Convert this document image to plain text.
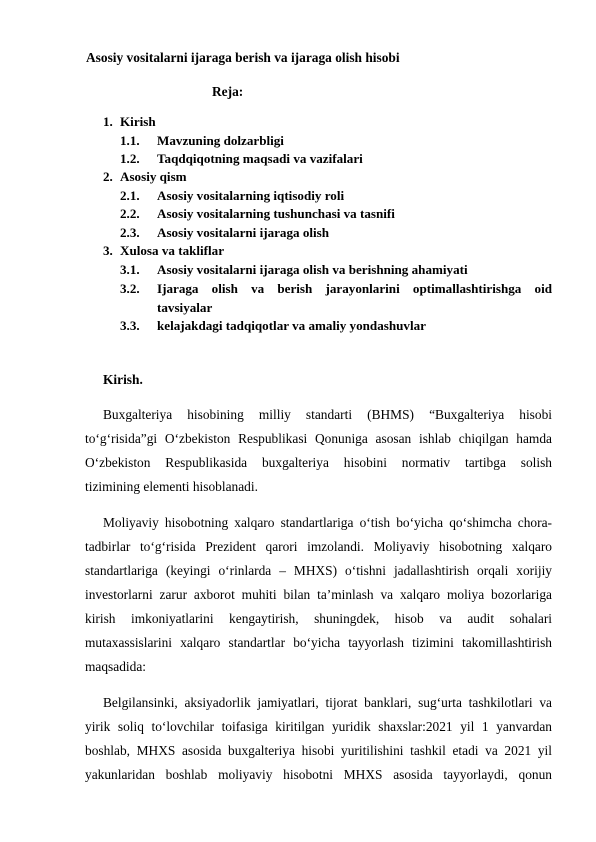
Asosiy vositalarni ijaraga berish va ijaraga olish hisobi
Reja:
1. Kirish
1.1. Mavzuning dolzarbligi
1.2. Taqdqiqotning maqsadi va vazifalari
2. Asosiy qism
2.1. Asosiy vositalarning iqtisodiy roli
2.2. Asosiy vositalarning tushunchasi va tasnifi
2.3. Asosiy vositalarni ijaraga olish
3. Xulosa va takliflar
3.1. Asosiy vositalarni ijaraga olish va berishning ahamiyati
3.2. Ijaraga olish va berish jarayonlarini optimallashtirishga oid
tavsiyalar
3.3. kelajakdagi tadqiqotlar va amaliy yondashuvlar
Kirish.
Buxgalteriya hisobining milliy standarti (BHMS) “Buxgalteriya hisobi
to‘g‘risida”gi O‘zbekiston Respublikasi Qonuniga asosan ishlab chiqilgan hamda
O‘zbekiston Respublikasida buxgalteriya hisobini normativ tartibga solish
tizimining elementi hisoblanadi.
Moliyaviy hisobotning xalqaro standartlariga o‘tish bo‘yicha qo‘shimcha chora-
tadbirlar to‘g‘risida Prezident qarori imzolandi. Moliyaviy hisobotning xalqaro
standartlariga (keyingi o‘rinlarda – MHXS) o‘tishni jadallashtirish orqali xorijiy
investorlarni zarur axborot muhiti bilan ta’minlash va xalqaro moliya bozorlariga
kirish imkoniyatlarini kengaytirish, shuningdek, hisob va audit sohalari
mutaxassislarini xalqaro standartlar bo‘yicha tayyorlash tizimini takomillashtirish
maqsadida:
Belgilansinki, aksiyadorlik jamiyatlari, tijorat banklari, sug‘urta tashkilotlari va
yirik soliq to‘lovchilar toifasiga kiritilgan yuridik shaxslar:2021 yil 1 yanvardan
boshlab, MHXS asosida buxgalteriya hisobi yuritilishini tashkil etadi va 2021 yil
yakunlaridan boshlab moliyaviy hisobotni MHXS asosida tayyorlaydi, qonun
